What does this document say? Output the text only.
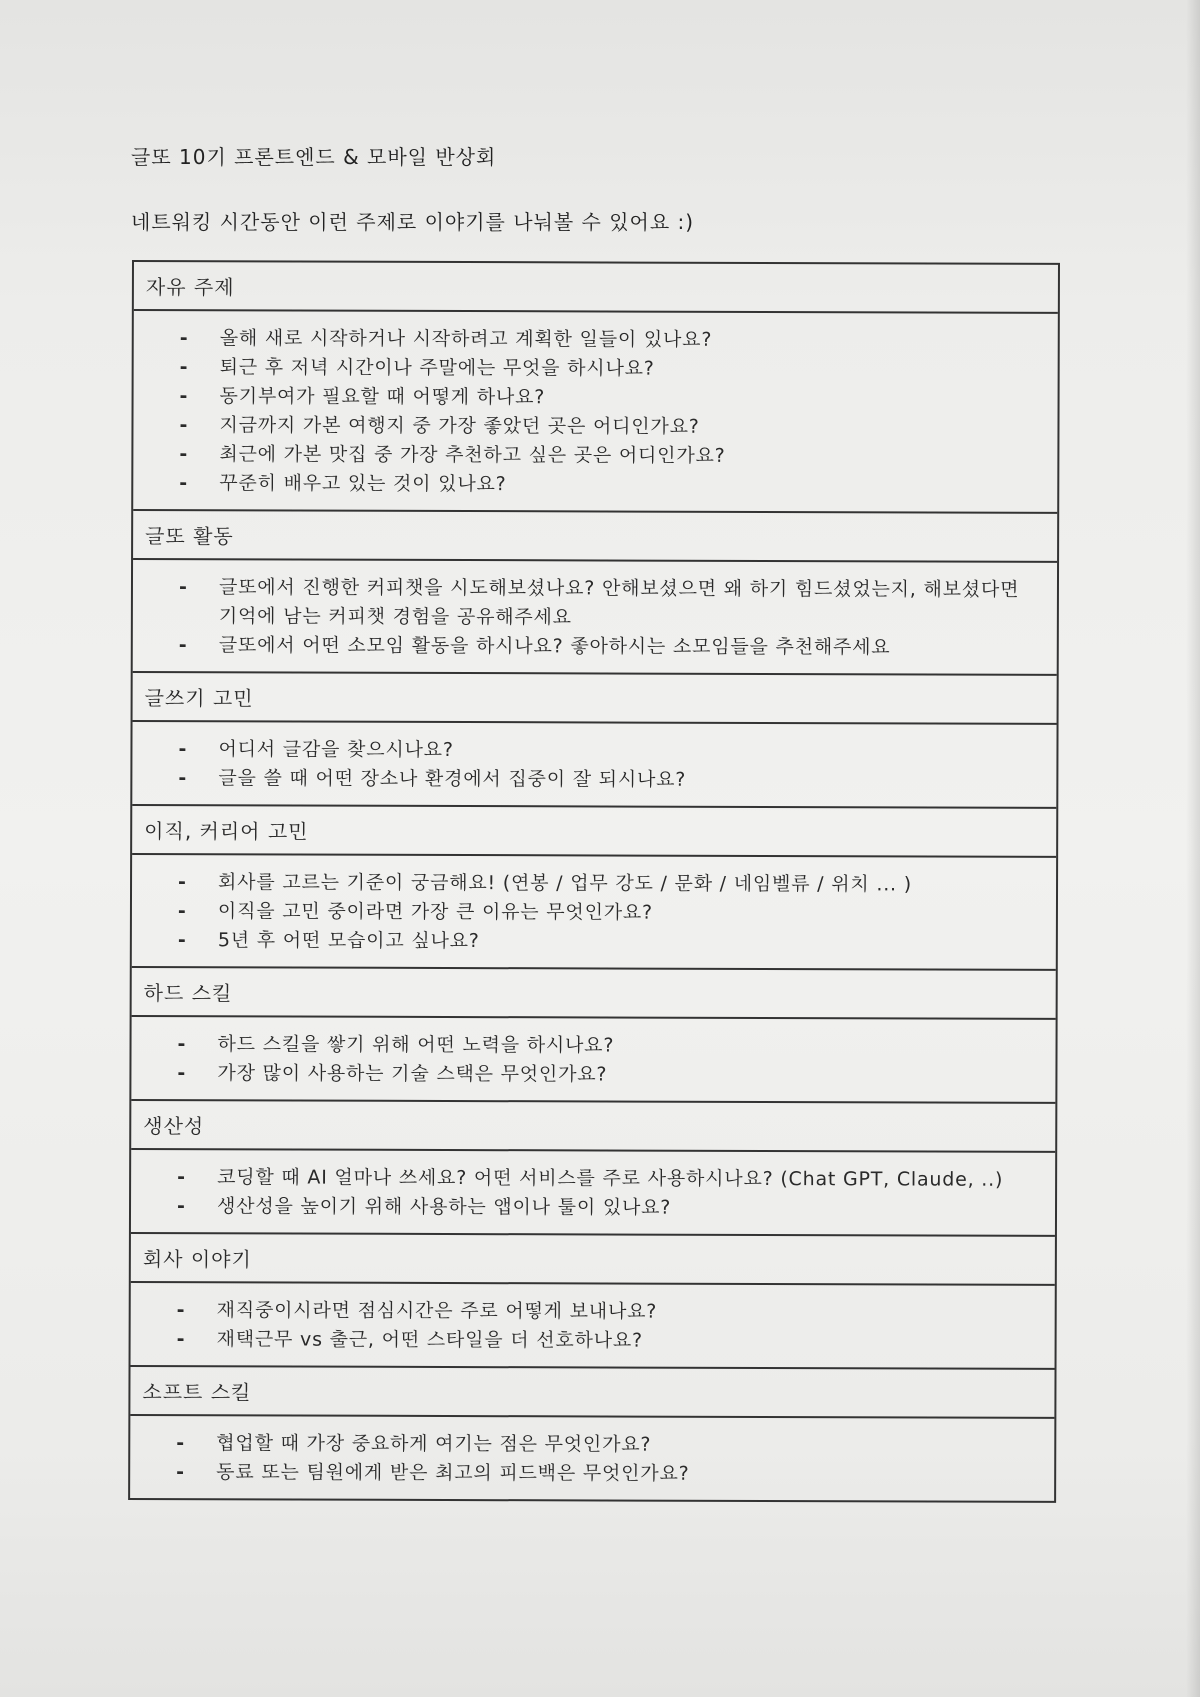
글또 10기 프론트엔드 & 모바일 반상회
네트워킹 시간동안 이런 주제로 이야기를 나눠볼 수 있어요 :)
자유 주제
-	올해 새로 시작하거나 시작하려고 계획한 일들이 있나요?
-	퇴근 후 저녁 시간이나 주말에는 무엇을 하시나요?
-	동기부여가 필요할 때 어떻게 하나요?
-	지금까지 가본 여행지 중 가장 좋았던 곳은 어디인가요?
-	최근에 가본 맛집 중 가장 추천하고 싶은 곳은 어디인가요?
-	꾸준히 배우고 있는 것이 있나요?
글또 활동
-	글또에서 진행한 커피챗을 시도해보셨나요? 안해보셨으면 왜 하기 힘드셨었는지, 해보셨다면 기억에 남는 커피챗 경험을 공유해주세요
-	글또에서 어떤 소모임 활동을 하시나요? 좋아하시는 소모임들을 추천해주세요
글쓰기 고민
-	어디서 글감을 찾으시나요?
-	글을 쓸 때 어떤 장소나 환경에서 집중이 잘 되시나요?
이직, 커리어 고민
-	회사를 고르는 기준이 궁금해요! (연봉 / 업무 강도 / 문화 / 네임벨류 / 위치 ... )
-	이직을 고민 중이라면 가장 큰 이유는 무엇인가요?
-	5년 후 어떤 모습이고 싶나요?
하드 스킬
-	하드 스킬을 쌓기 위해 어떤 노력을 하시나요?
-	가장 많이 사용하는 기술 스택은 무엇인가요?
생산성
-	코딩할 때 AI 얼마나 쓰세요? 어떤 서비스를 주로 사용하시나요? (Chat GPT, Claude, ..)
-	생산성을 높이기 위해 사용하는 앱이나 툴이 있나요?
회사 이야기
-	재직중이시라면 점심시간은 주로 어떻게 보내나요?
-	재택근무 vs 출근, 어떤 스타일을 더 선호하나요?
소프트 스킬
-	협업할 때 가장 중요하게 여기는 점은 무엇인가요?
-	동료 또는 팀원에게 받은 최고의 피드백은 무엇인가요?
